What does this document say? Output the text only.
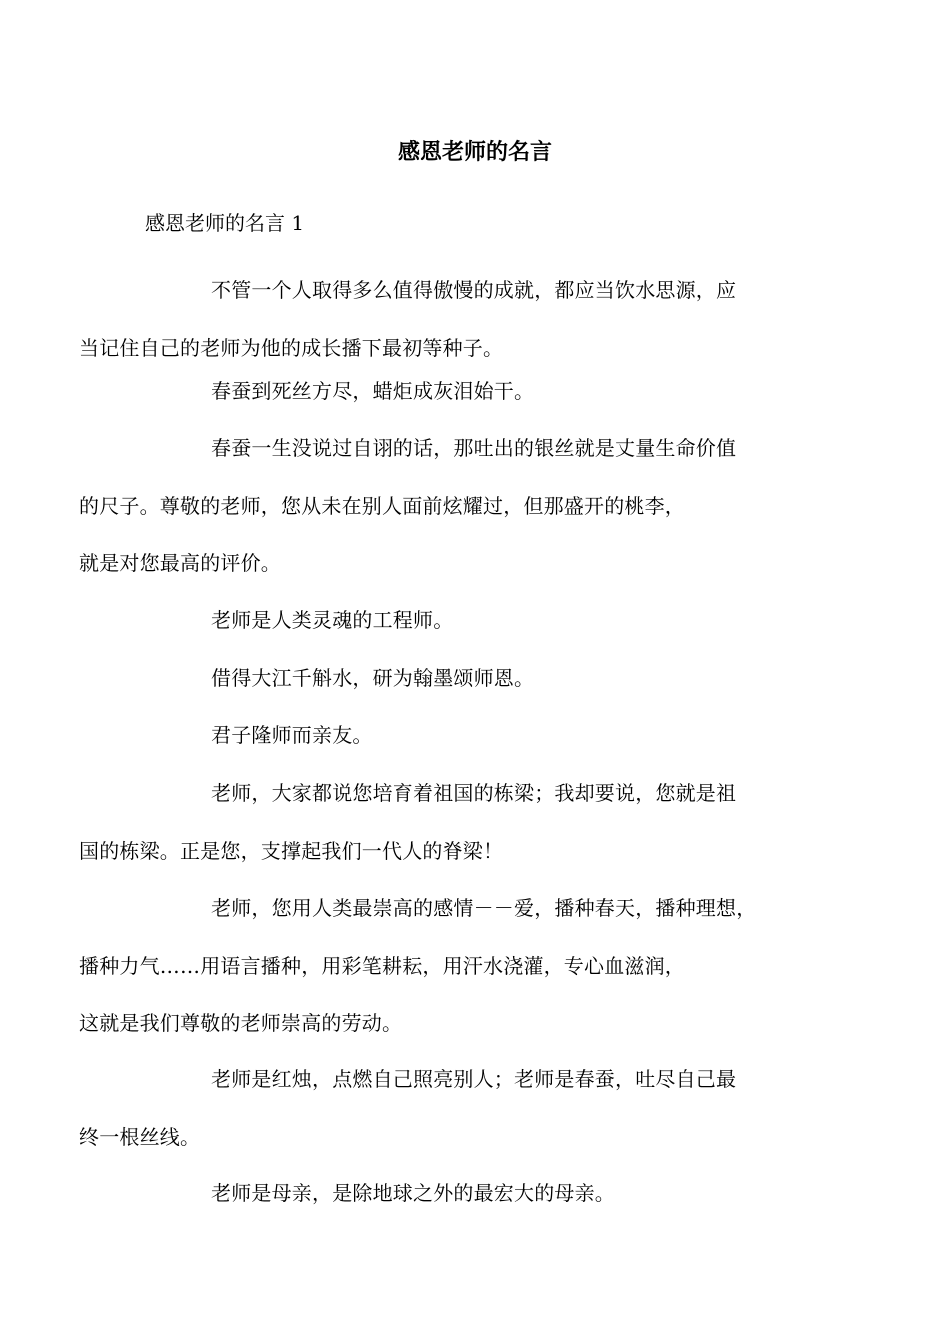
感恩老师的名言

感恩老师的名言 1

不管一个人取得多么值得傲慢的成就，都应当饮水思源，应
当记住自己的老师为他的成长播下最初等种子。

春蚕到死丝方尽，蜡炬成灰泪始干。

春蚕一生没说过自诩的话，那吐出的银丝就是丈量生命价值
的尺子。尊敬的老师，您从未在别人面前炫耀过，但那盛开的桃李，
就是对您最高的评价。

老师是人类灵魂的工程师。

借得大江千斛水，研为翰墨颂师恩。

君子隆师而亲友。

老师，大家都说您培育着祖国的栋梁；我却要说，您就是祖
国的栋梁。正是您，支撑起我们一代人的脊梁！

老师，您用人类最崇高的感情－－爱，播种春天，播种理想，
播种力气……用语言播种，用彩笔耕耘，用汗水浇灌，专心血滋润，
这就是我们尊敬的老师崇高的劳动。

老师是红烛，点燃自己照亮别人；老师是春蚕，吐尽自己最
终一根丝线。

老师是母亲，是除地球之外的最宏大的母亲。
